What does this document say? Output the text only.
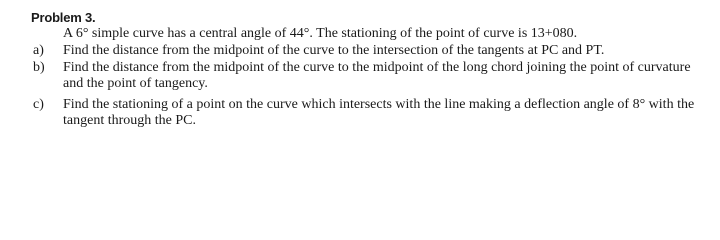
Problem 3.
A 6° simple curve has a central angle of 44°. The stationing of the point of curve is 13+080.
a) Find the distance from the midpoint of the curve to the intersection of the tangents at PC and PT.
b) Find the distance from the midpoint of the curve to the midpoint of the long chord joining the point of curvature and the point of tangency.
c) Find the stationing of a point on the curve which intersects with the line making a deflection angle of 8° with the tangent through the PC.
